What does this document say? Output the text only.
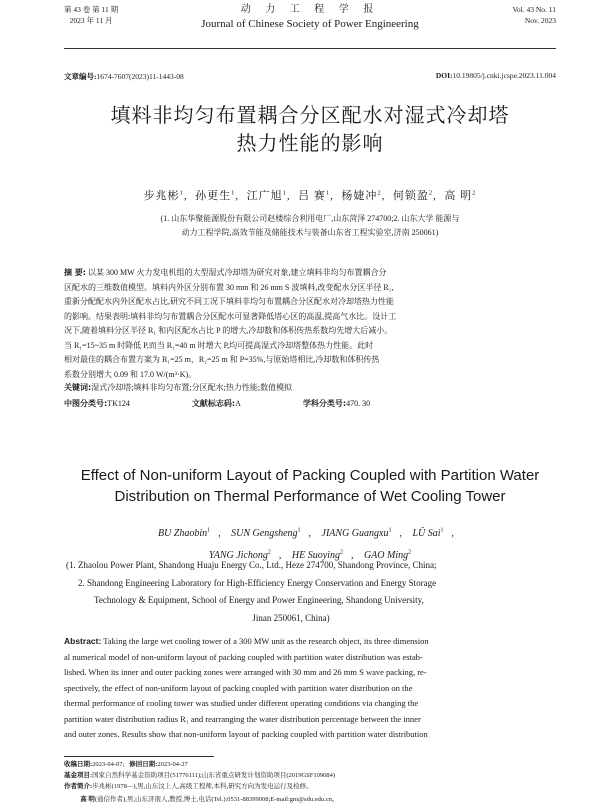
第 43 卷 第 11 期
2023 年 11 月
动 力 工 程 学 报
Journal of Chinese Society of Power Engineering
Vol. 43 No. 11
Nov. 2023
文章编号:1674-7607(2023)11-1443-08	DOI:10.19805/j.cnki.jcspe.2023.11.004
填料非均匀布置耦合分区配水对湿式冷却塔
热力性能的影响
步兆彬$^1$,  孙更生$^1$,  江广旭$^1$,  吕 赛$^1$,  杨婕冲$^2$,  何锁盈$^2$,  高 明$^2$
(1. 山东华聚能源股份有限公司赵楼综合利用电厂,山东菏泽 274700;2. 山东大学 能源与
动力工程学院,高效节能及储能技术与装备山东省工程实验室,济南 250061)
摘 要: 以某 300 MW 火力发电机组的大型湿式冷却塔为研究对象,建立填料非均匀布置耦合分
区配水的三维数值模型。填料内外区分别布置 30 mm 和 26 mm S 波填料,改变配水分区半径 R₁,
重新分配配水内外区配水占比,研究不同工况下填料非均匀布置耦合分区配水对冷却塔热力性能
的影响。结果表明:填料非均匀布置耦合分区配水可显著降低塔心区的高温,提高气水比。设计工
况下,随着填料分区半径 R₁ 和内区配水占比 P 的增大,冷却数和体积传热系数均先增大后减小。
当 R₁=15~35 m 时降低 P,而当 R₁=40 m 时增大 P,均可提高湿式冷却塔整体热力性能。此时
相对最佳的耦合布置方案为 R₁=25 m、R₂=25 m 和 P=35%,与原始塔相比,冷却数和体积传热
系数分别增大 0.09 和 17.0 W/(m³·K)。
关键词:湿式冷却塔;填料非均匀布置;分区配水;热力性能;数值模拟
中图分类号:TK124	文献标志码:A	学科分类号:470. 30
Effect of Non-uniform Layout of Packing Coupled with Partition Water
Distribution on Thermal Performance of Wet Cooling Tower
BU Zhaobin$^1$ , SUN Gengsheng$^1$ , JIANG Guangxu$^1$ , LÜ Sai$^1$ ,
YANG Jichong$^2$ , HE Suoying$^2$ , GAO Ming$^2$
(1. Zhaolou Power Plant, Shandong Huaju Energy Co., Ltd., Heze 274700, Shandong Province, China;
2. Shandong Engineering Laboratory for High-Efficiency Energy Conservation and Energy Storage
Technology & Equipment, School of Energy and Power Engineering, Shandong University,
Jinan 250061, China)
Abstract: Taking the large wet cooling tower of a 300 MW unit as the research object, its three dimension
al numerical model of non-uniform layout of packing coupled with partition water distribution was estab-
lished. When its inner and outer packing zones were arranged with 30 mm and 26 mm S wave packing, re-
spectively, the effect of non-uniform layout of packing coupled with partition water distribution on the
thermal performance of cooling tower was studied under different operating conditions via changing the
partition water distribution radius R₁ and rearranging the water distribution percentage between the inner
and outer zones. Results show that non-uniform layout of packing coupled with partition water distribution
收稿日期:2023-04-07;   修回日期:2023-04-27
基金项目:国家自然科学基金资助项目(51776111);山东省重点研发计划资助项目(2019GSF109084)
作者简介:步兆彬(1978—),男,山东汶上人,高级工程师,本科,研究方向为发电运行及检修。
高 明(通信作者),男,山东济南人,教授,博士,电话(Tel.):0531-88399008;E-mail:gm@sdu.edu.cn。
